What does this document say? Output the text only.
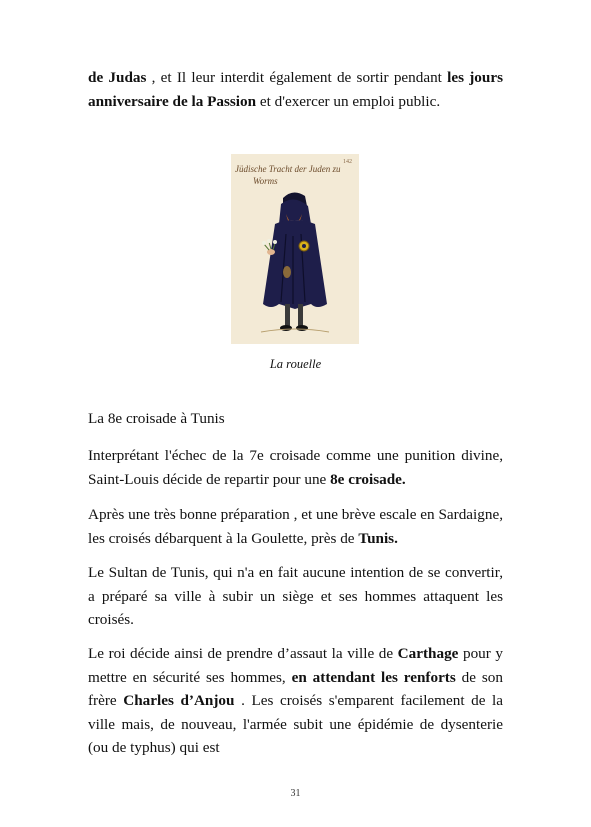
de Judas , et Il leur interdit également de sortir pendant les jours anniversaire de la Passion et d'exercer un emploi public.

Jüdische Tracht der Juden zu
Worms
142
La rouelle

La 8e croisade à Tunis

Interprétant l'échec de la 7e croisade comme une punition divine, Saint-Louis décide de repartir pour une 8e croisade.

Après une très bonne préparation , et une brève escale en Sardaigne, les croisés débarquent à la Goulette, près de Tunis.

Le Sultan de Tunis, qui n'a en fait aucune intention de se convertir, a préparé sa ville à subir un siège et ses hommes attaquent les croisés.

Le roi décide ainsi de prendre d’assaut la ville de Carthage pour y mettre en sécurité ses hommes, en attendant les renforts de son frère Charles d’Anjou . Les croisés s'emparent facilement de la ville mais, de nouveau, l'armée subit une épidémie de dysenterie (ou de typhus) qui est

31
